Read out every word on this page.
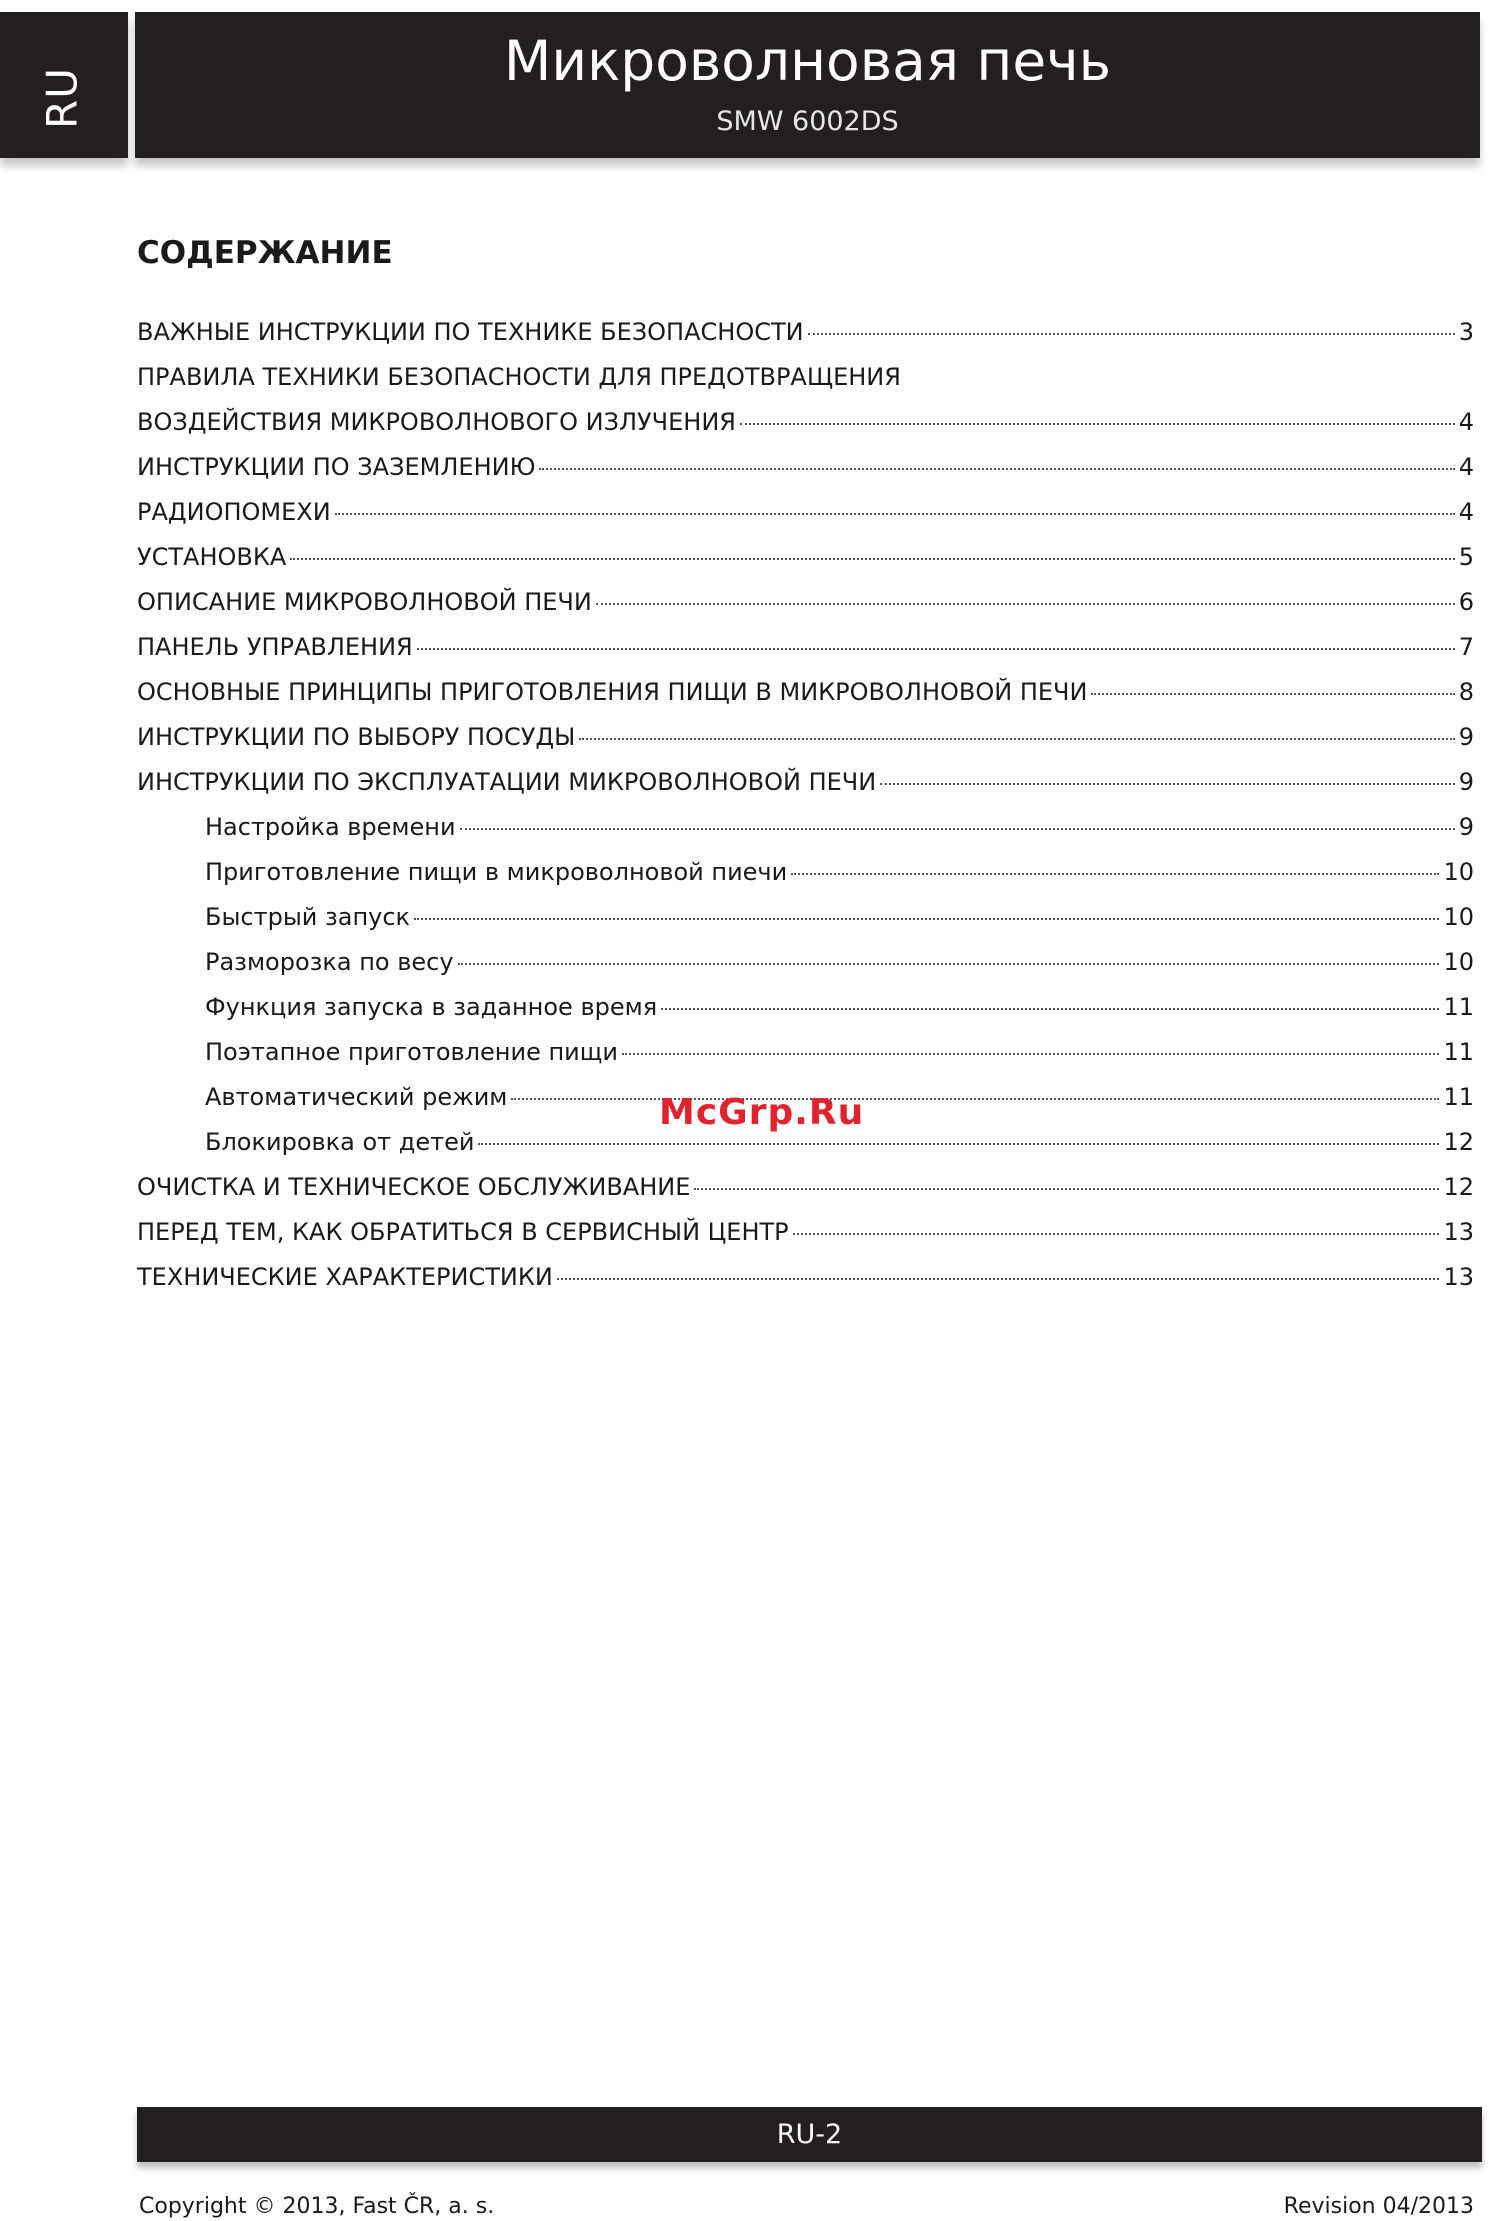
RU
Микроволновая печь
SMW 6002DS
СОДЕРЖАНИЕ
ВАЖНЫЕ ИНСТРУКЦИИ ПО ТЕХНИКЕ БЕЗОПАСНОСТИ	3
ПРАВИЛА ТЕХНИКИ БЕЗОПАСНОСТИ ДЛЯ ПРЕДОТВРАЩЕНИЯ
ВОЗДЕЙСТВИЯ МИКРОВОЛНОВОГО ИЗЛУЧЕНИЯ	4
ИНСТРУКЦИИ ПО ЗАЗЕМЛЕНИЮ	4
РАДИОПОМЕХИ	4
УСТАНОВКА	5
ОПИСАНИЕ МИКРОВОЛНОВОЙ ПЕЧИ	6
ПАНЕЛЬ УПРАВЛЕНИЯ	7
ОСНОВНЫЕ ПРИНЦИПЫ ПРИГОТОВЛЕНИЯ ПИЩИ В МИКРОВОЛНОВОЙ ПЕЧИ	8
ИНСТРУКЦИИ ПО ВЫБОРУ ПОСУДЫ	9
ИНСТРУКЦИИ ПО ЭКСПЛУАТАЦИИ МИКРОВОЛНОВОЙ ПЕЧИ	9
Настройка времени	9
Приготовление пищи в микроволновой пиечи	10
Быстрый запуск	10
Разморозка по весу	10
Функция запуска в заданное время	11
Поэтапное приготовление пищи	11
Автоматический режим	11
Блокировка от детей	12
ОЧИСТКА И ТЕХНИЧЕСКОЕ ОБСЛУЖИВАНИЕ	12
ПЕРЕД ТЕМ, КАК ОБРАТИТЬСЯ В СЕРВИСНЫЙ ЦЕНТР	13
ТЕХНИЧЕСКИЕ ХАРАКТЕРИСТИКИ	13
McGrp.Ru
RU-2
Copyright © 2013, Fast ČR, a. s.	Revision 04/2013
